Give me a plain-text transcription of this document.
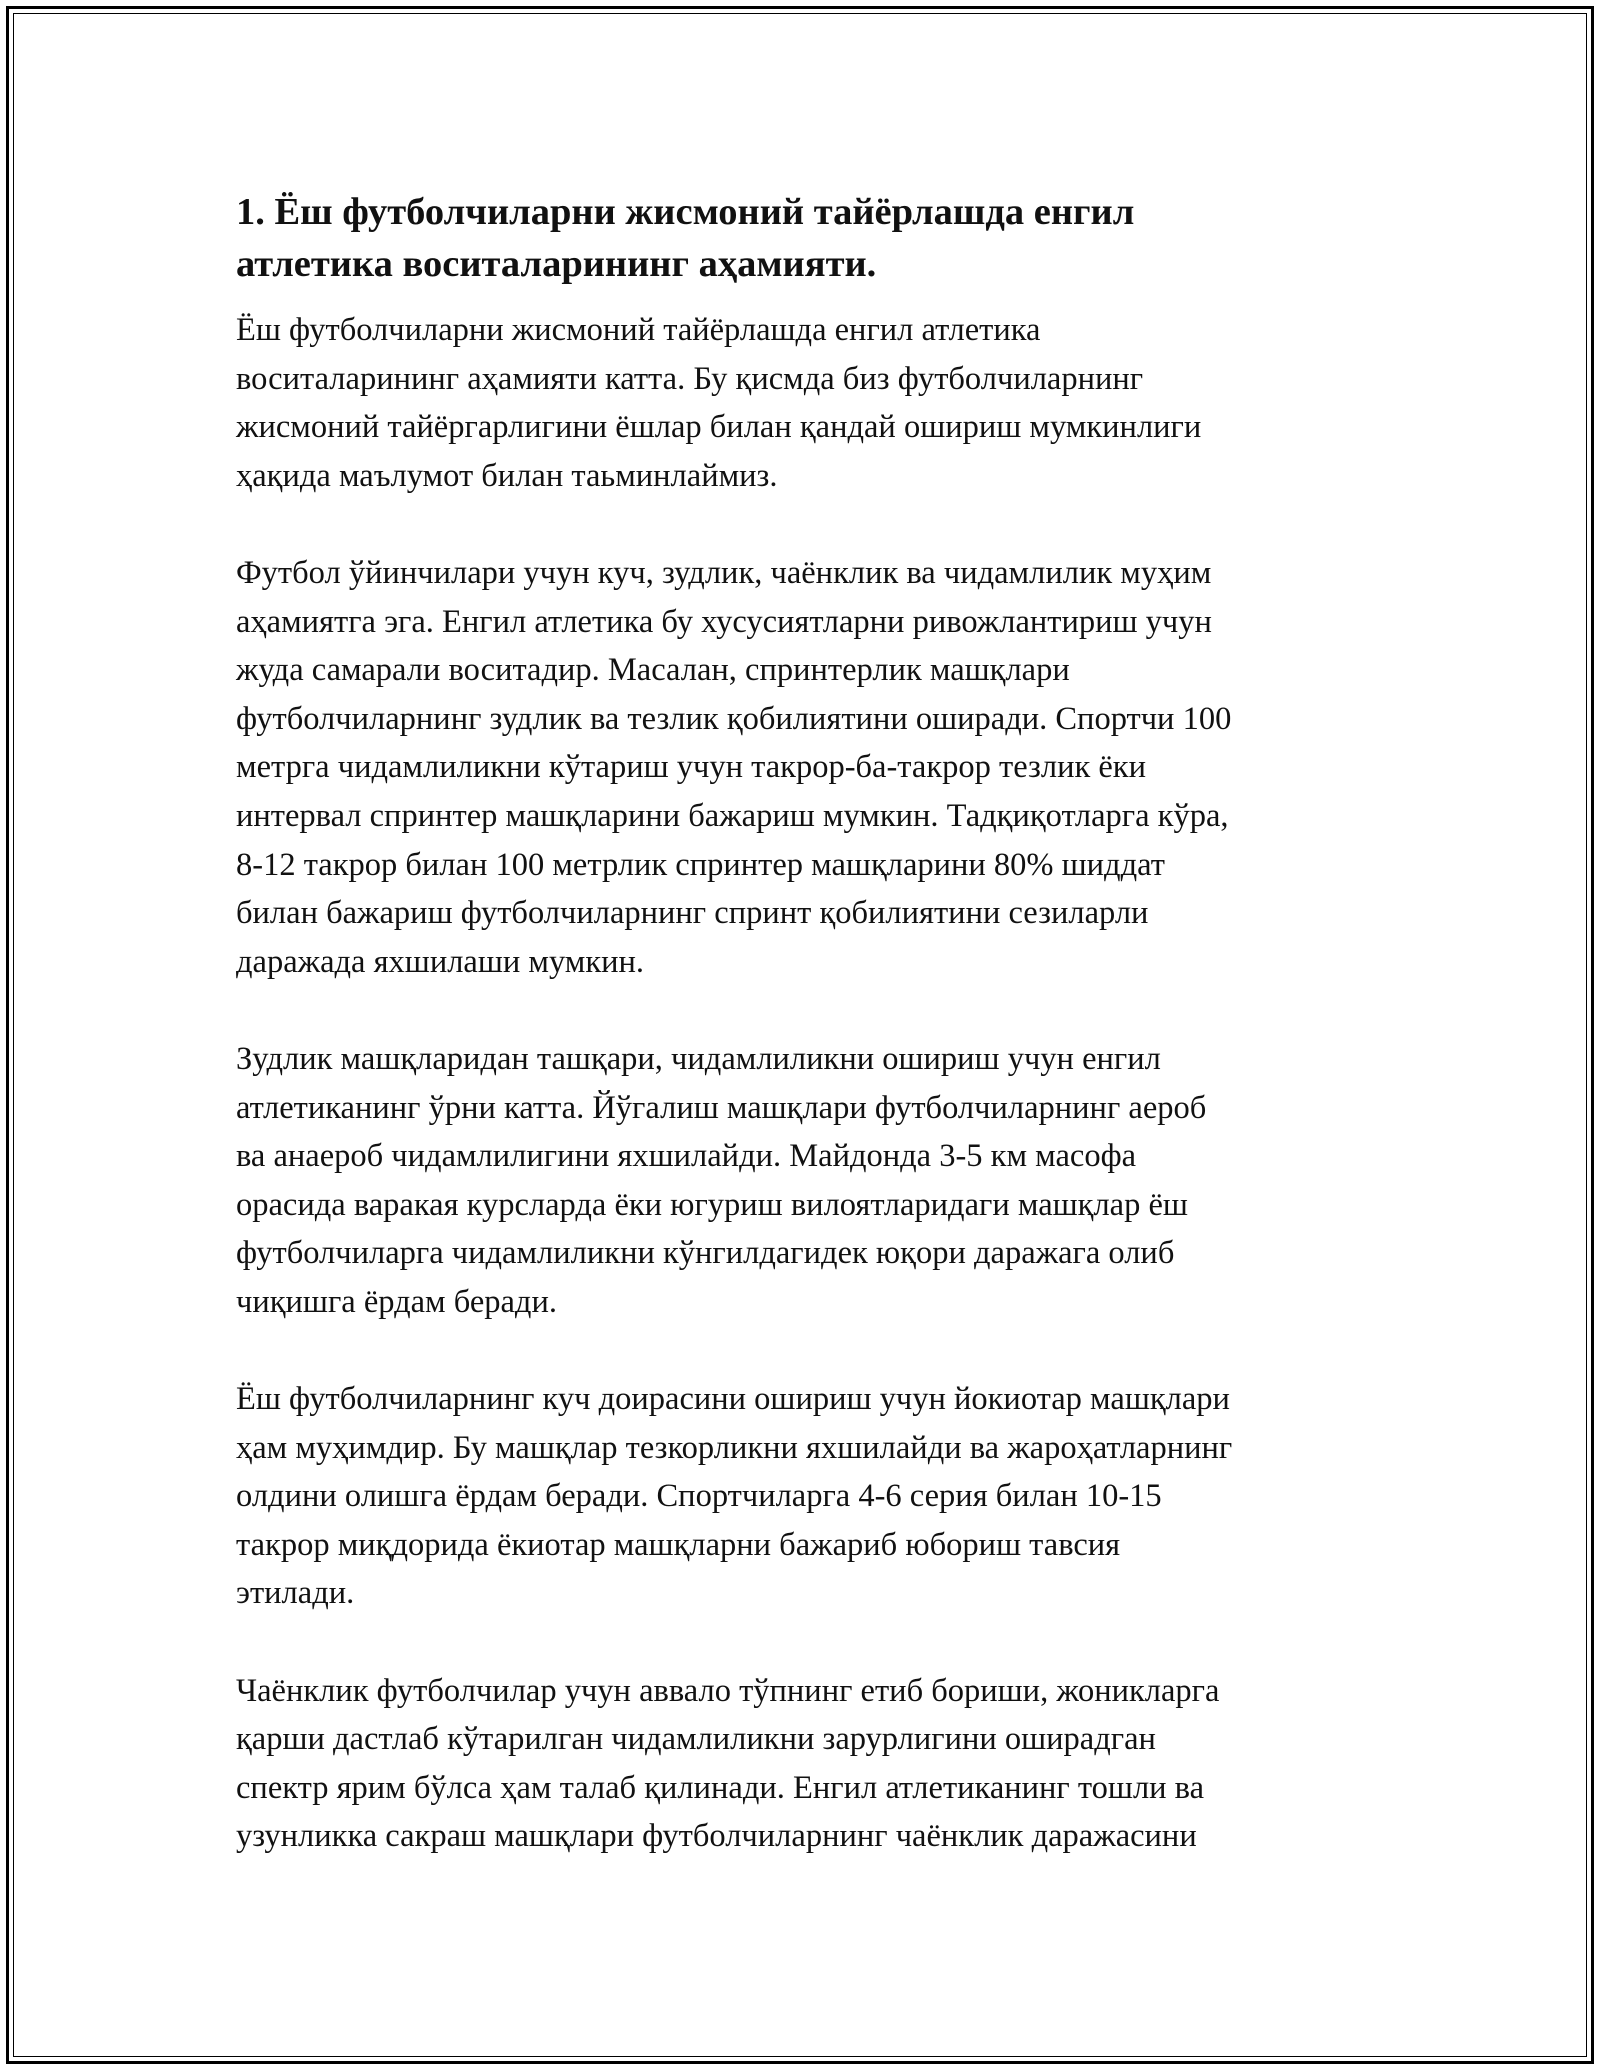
1. Ёш футболчиларни жисмоний тайёрлашда енгил
атлетика воситаларининг аҳамияти.

Ёш футболчиларни жисмоний тайёрлашда енгил атлетика
воситаларининг аҳамияти катта. Бу қисмда биз футболчиларнинг
жисмоний тайёргарлигини ёшлар билан қандай ошириш мумкинлиги
ҳақида маълумот билан таьминлаймиз.

Футбол ўйинчилари учун куч, зудлик, чаёнклик ва чидамлилик муҳим
аҳамиятга эга. Енгил атлетика бу хусусиятларни ривожлантириш учун
жуда самарали воситадир. Масалан, спринтерлик машқлари
футболчиларнинг зудлик ва тезлик қобилиятини оширади. Спортчи 100
метрга чидамлиликни кўтариш учун такрор-ба-такрор тезлик ёки
интервал спринтер машқларини бажариш мумкин. Тадқиқотларга кўра,
8-12 такрор билан 100 метрлик спринтер машқларини 80% шиддат
билан бажариш футболчиларнинг спринт қобилиятини сезиларли
даражада яхшилаши мумкин.

Зудлик машқларидан ташқари, чидамлиликни ошириш учун енгил
атлетиканинг ўрни катта. Йўгалиш машқлари футболчиларнинг аероб
ва анаероб чидамлилигини яхшилайди. Майдонда 3-5 км масофа
орасида варакая курсларда ёки югуриш вилоятларидаги машқлар ёш
футболчиларга чидамлиликни кўнгилдагидек юқори даражага олиб
чиқишга ёрдам беради.

Ёш футболчиларнинг куч доирасини ошириш учун йокиотар машқлари
ҳам муҳимдир. Бу машқлар тезкорликни яхшилайди ва жароҳатларнинг
олдини олишга ёрдам беради. Спортчиларга 4-6 серия билан 10-15
такрор миқдорида ёкиотар машқларни бажариб юбориш тавсия
этилади.

Чаёнклик футболчилар учун аввало тўпнинг етиб бориши, жоникларга
қарши дастлаб кўтарилган чидамлиликни зарурлигини оширадган
спектр ярим бўлса ҳам талаб қилинади. Енгил атлетиканинг тошли ва
узунликка сакраш машқлари футболчиларнинг чаёнклик даражасини
